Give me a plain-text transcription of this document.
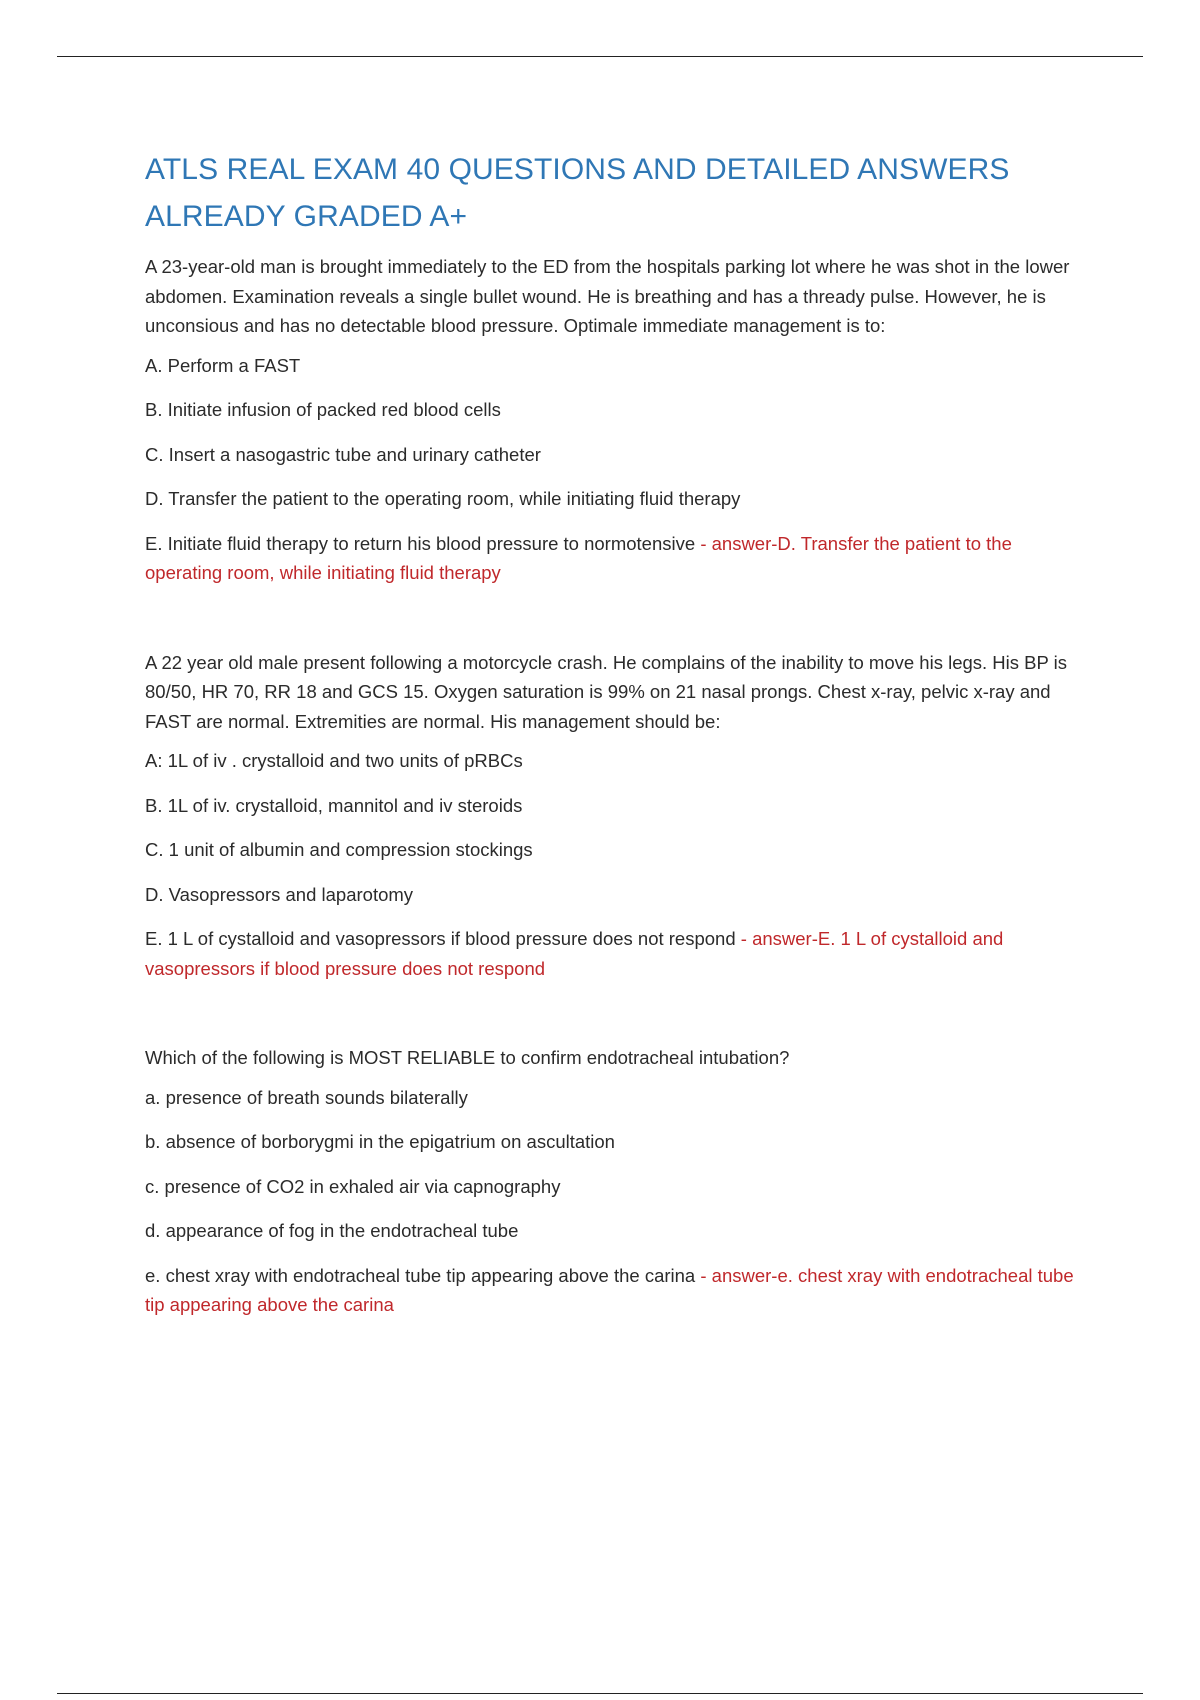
ATLS REAL EXAM 40 QUESTIONS AND DETAILED ANSWERS ALREADY GRADED A+

A 23-year-old man is brought immediately to the ED from the hospitals parking lot where he was shot in the lower abdomen. Examination reveals a single bullet wound. He is breathing and has a thready pulse. However, he is unconsious and has no detectable blood pressure. Optimale immediate management is to:

A. Perform a FAST

B. Initiate infusion of packed red blood cells

C. Insert a nasogastric tube and urinary catheter

D. Transfer the patient to the operating room, while initiating fluid therapy

E. Initiate fluid therapy to return his blood pressure to normotensive - answer-D. Transfer the patient to the operating room, while initiating fluid therapy

A 22 year old male present following a motorcycle crash. He complains of the inability to move his legs. His BP is 80/50, HR 70, RR 18 and GCS 15. Oxygen saturation is 99% on 21 nasal prongs. Chest x-ray, pelvic x-ray and FAST are normal. Extremities are normal. His management should be:

A: 1L of iv . crystalloid and two units of pRBCs

B. 1L of iv. crystalloid, mannitol and iv steroids

C. 1 unit of albumin and compression stockings

D. Vasopressors and laparotomy

E. 1 L of cystalloid and vasopressors if blood pressure does not respond - answer-E. 1 L of cystalloid and vasopressors if blood pressure does not respond

Which of the following is MOST RELIABLE to confirm endotracheal intubation?

a. presence of breath sounds bilaterally

b. absence of borborygmi in the epigatrium on ascultation

c. presence of CO2 in exhaled air via capnography

d. appearance of fog in the endotracheal tube

e. chest xray with endotracheal tube tip appearing above the carina - answer-e. chest xray with endotracheal tube tip appearing above the carina
